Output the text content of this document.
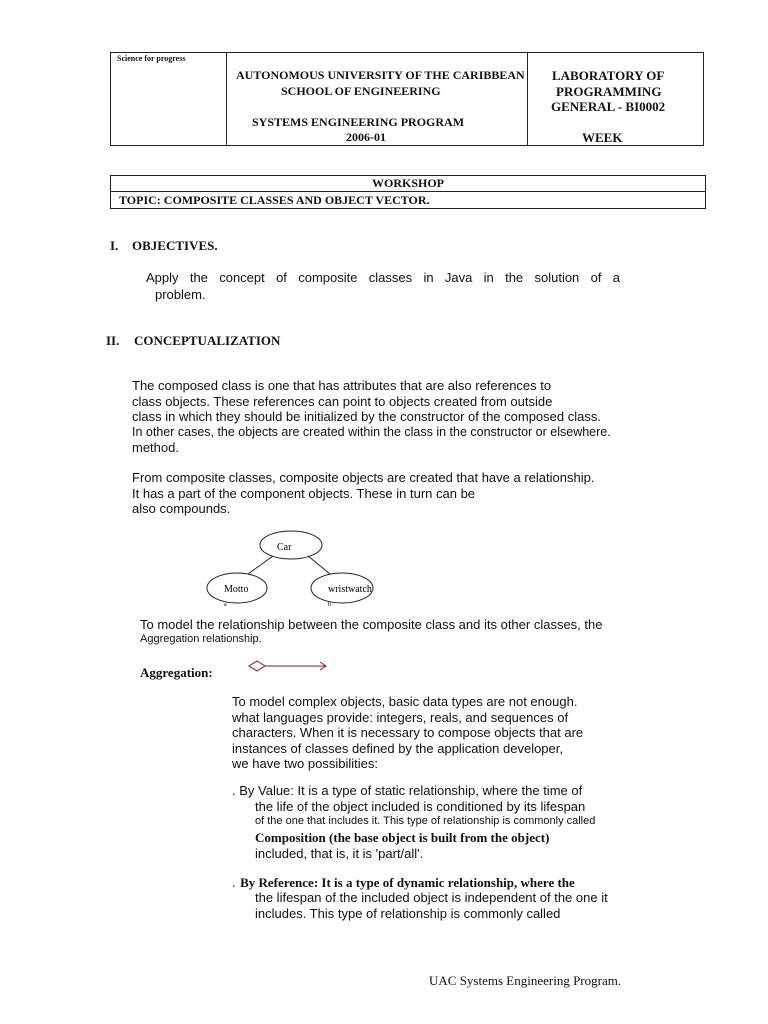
Science for progress
AUTONOMOUS UNIVERSITY OF THE CARIBBEAN
SCHOOL OF ENGINEERING
SYSTEMS ENGINEERING PROGRAM
2006-01
LABORATORY OF
PROGRAMMING
GENERAL - BI0002
WEEK
WORKSHOP
TOPIC: COMPOSITE CLASSES AND OBJECT VECTOR.
I. OBJECTIVES.
Apply the concept of composite classes in Java in the solution of a
problem.
II. CONCEPTUALIZATION
The composed class is one that has attributes that are also references to
class objects. These references can point to objects created from outside
class in which they should be initialized by the constructor of the composed class.
In other cases, the objects are created within the class in the constructor or elsewhere.
method.
From composite classes, composite objects are created that have a relationship.
It has a part of the component objects. These in turn can be
also compounds.
Car
Motto	wristwatch
a	b
To model the relationship between the composite class and its other classes, the
Aggregation relationship.
Aggregation:
To model complex objects, basic data types are not enough.
what languages provide: integers, reals, and sequences of
characters. When it is necessary to compose objects that are
instances of classes defined by the application developer,
we have two possibilities:
. By Value: It is a type of static relationship, where the time of
the life of the object included is conditioned by its lifespan
of the one that includes it. This type of relationship is commonly called
Composition (the base object is built from the object)
included, that is, it is 'part/all'.
. By Reference: It is a type of dynamic relationship, where the
the lifespan of the included object is independent of the one it
includes. This type of relationship is commonly called
UAC Systems Engineering Program.
